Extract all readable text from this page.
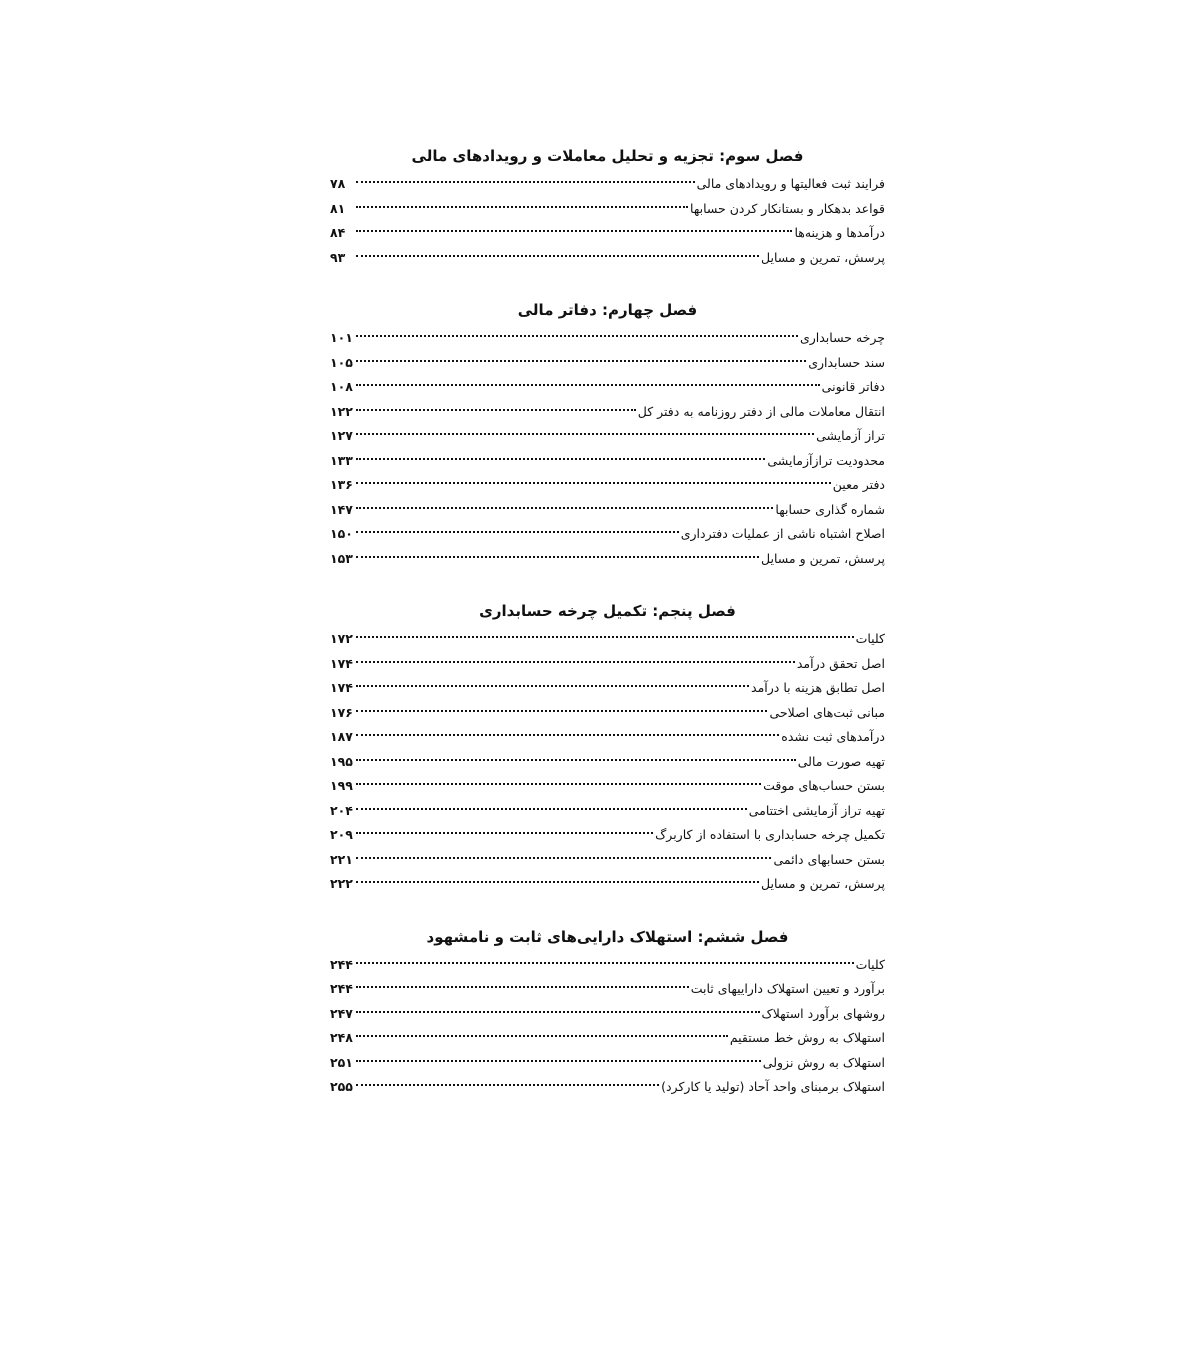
فصل سوم: تجزیه و تحلیل معاملات و رویدادهای مالی
فرایند ثبت فعالیتها و رویدادهای مالی
۷۸
قواعد بدهکار و بستانکار کردن حسابها
۸۱
درآمدها و هزینه‌ها
۸۴
پرسش، تمرین و مسایل
۹۳
فصل چهارم: دفاتر مالی
چرخه حسابداری
۱۰۱
سند حسابداری
۱۰۵
دفاتر قانونی
۱۰۸
انتقال معاملات مالی از دفتر روزنامه به دفتر کل
۱۲۲
تراز آزمایشی
۱۲۷
محدودیت ترازآزمایشی
۱۳۳
دفتر معین
۱۳۶
شماره گذاری حسابها
۱۴۷
اصلاح اشتباه ناشی از عملیات دفترداری
۱۵۰
پرسش، تمرین و مسایل
۱۵۳
فصل پنجم: تکمیل چرخه حسابداری
کلیات
۱۷۲
اصل تحقق درآمد
۱۷۴
اصل تطابق هزینه با درآمد
۱۷۴
مبانی ثبت‌های اصلاحی
۱۷۶
درآمدهای ثبت نشده
۱۸۷
تهیه صورت مالی
۱۹۵
بستن حساب‌های موقت
۱۹۹
تهیه تراز آزمایشی اختتامی
۲۰۴
تکمیل چرخه حسابداری با استفاده از کاربرگ
۲۰۹
بستن حسابهای دائمی
۲۲۱
پرسش، تمرین و مسایل
۲۲۲
فصل ششم: استهلاک دارایی‌های ثابت و نامشهود
کلیات
۲۴۴
برآورد و تعیین استهلاک داراییهای ثابت
۲۴۴
روشهای برآورد استهلاک
۲۴۷
استهلاک به روش خط مستقیم
۲۴۸
استهلاک به روش نزولی
۲۵۱
استهلاک برمبنای واحد آحاد (تولید یا کارکرد)
۲۵۵
